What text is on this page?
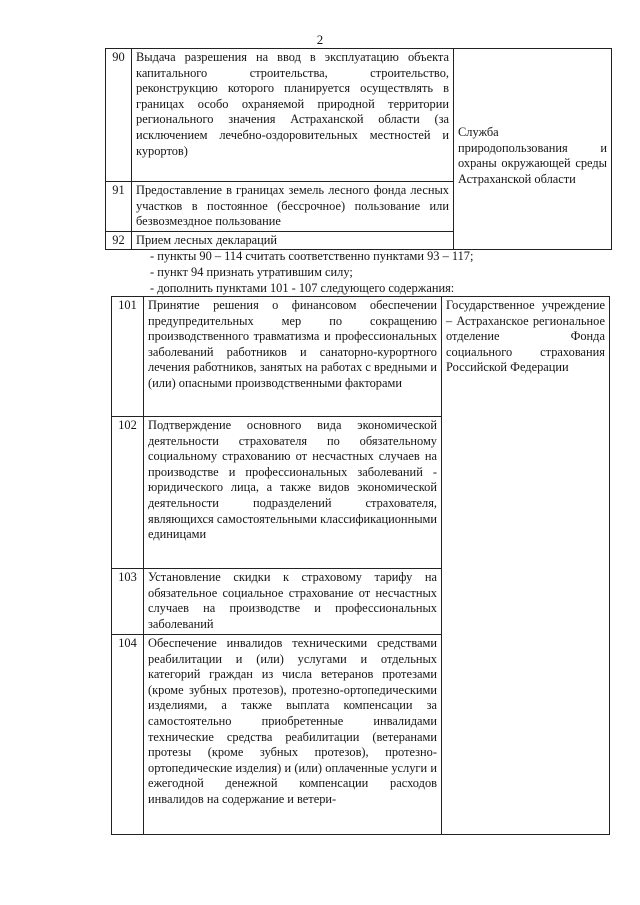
2
90	Выдача разрешения на ввод в эксплуатацию объекта капитального строительства, строительство, реконструкцию которого планируется осуществлять в границах особо охраняемой природной территории регионального значения Астраханской области (за исключением лечебно-оздоровительных местностей и курортов)	Служба природопользования и охраны окружающей среды Астраханской области
91	Предоставление в границах земель лесного фонда лесных участков в постоянное (бессрочное) пользование или безвозмездное пользование	
92	Прием лесных деклараций	
- пункты 90 – 114 считать соответственно пунктами 93 – 117;
- пункт 94 признать утратившим силу;
- дополнить пунктами 101 - 107 следующего содержания:
101	Принятие решения о финансовом обеспечении предупредительных мер по сокращению производственного травматизма и профессиональных заболеваний работников и санаторно-курортного лечения работников, занятых на работах с вредными и (или) опасными производственными факторами	Государственное учреждение – Астраханское региональное отделение Фонда социального страхования Российской Федерации
102	Подтверждение основного вида экономической деятельности страхователя по обязательному социальному страхованию от несчастных случаев на производстве и профессиональных заболеваний - юридического лица, а также видов экономической деятельности подразделений страхователя, являющихся самостоятельными классификационными единицами	
103	Установление скидки к страховому тарифу на обязательное социальное страхование от несчастных случаев на производстве и профессиональных заболеваний	
104	Обеспечение инвалидов техническими средствами реабилитации и (или) услугами и отдельных категорий граждан из числа ветеранов протезами (кроме зубных протезов), протезно-ортопедическими изделиями, а также выплата компенсации за самостоятельно приобретенные инвалидами технические средства реабилитации (ветеранами протезы (кроме зубных протезов), протезно-ортопедические изделия) и (или) оплаченные услуги и ежегодной денежной компенсации расходов инвалидов на содержание и ветери-	
